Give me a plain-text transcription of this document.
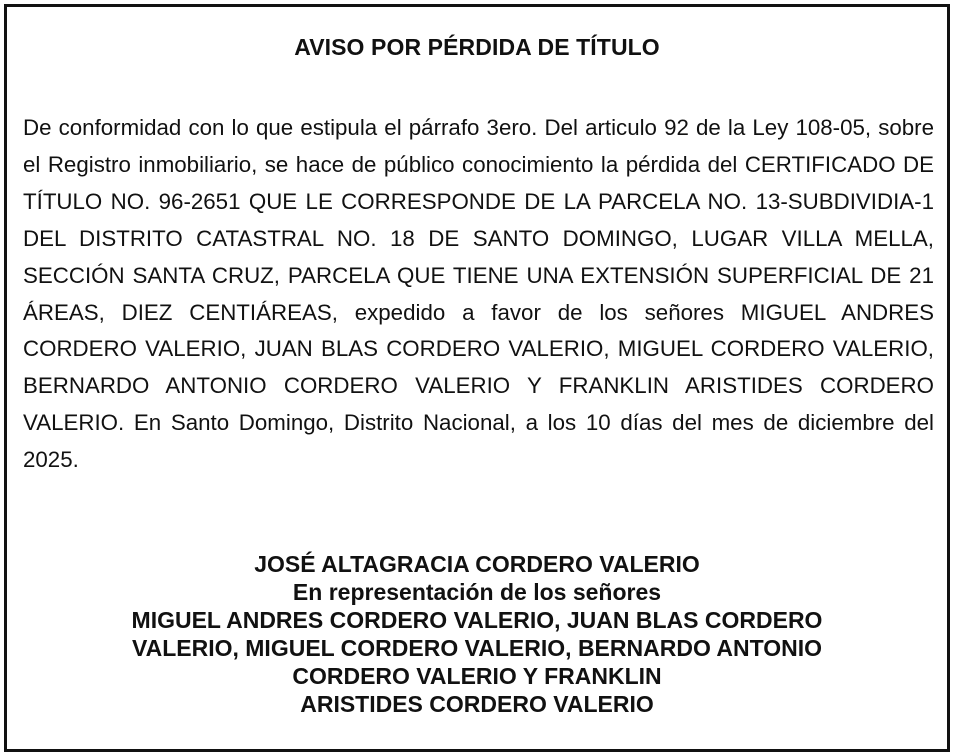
AVISO POR PÉRDIDA DE TÍTULO

De conformidad con lo que estipula el párrafo 3ero. Del articulo 92 de la Ley 108-05, sobre el Registro inmobiliario, se hace de público conocimiento la pérdida del CERTIFICADO DE TÍTULO NO. 96-2651 QUE LE CORRESPONDE DE LA PARCELA NO. 13-SUBDIVIDIA-1 DEL DISTRITO CATASTRAL NO. 18 DE SANTO DOMINGO, LUGAR VILLA MELLA, SECCIÓN SANTA CRUZ, PARCELA QUE TIENE UNA EXTENSIÓN SUPERFICIAL DE 21 ÁREAS, DIEZ CENTIÁREAS, expedido a favor de los señores MIGUEL ANDRES CORDERO VALERIO, JUAN BLAS CORDERO VALERIO, MIGUEL CORDERO VALERIO, BERNARDO ANTONIO CORDERO VALERIO Y FRANKLIN ARISTIDES CORDERO VALERIO. En Santo Domingo, Distrito Nacional, a los 10 días del mes de diciembre del 2025.

JOSÉ ALTAGRACIA CORDERO VALERIO
En representación de los señores
MIGUEL ANDRES CORDERO VALERIO, JUAN BLAS CORDERO
VALERIO, MIGUEL CORDERO VALERIO, BERNARDO ANTONIO
CORDERO VALERIO Y FRANKLIN
ARISTIDES CORDERO VALERIO
